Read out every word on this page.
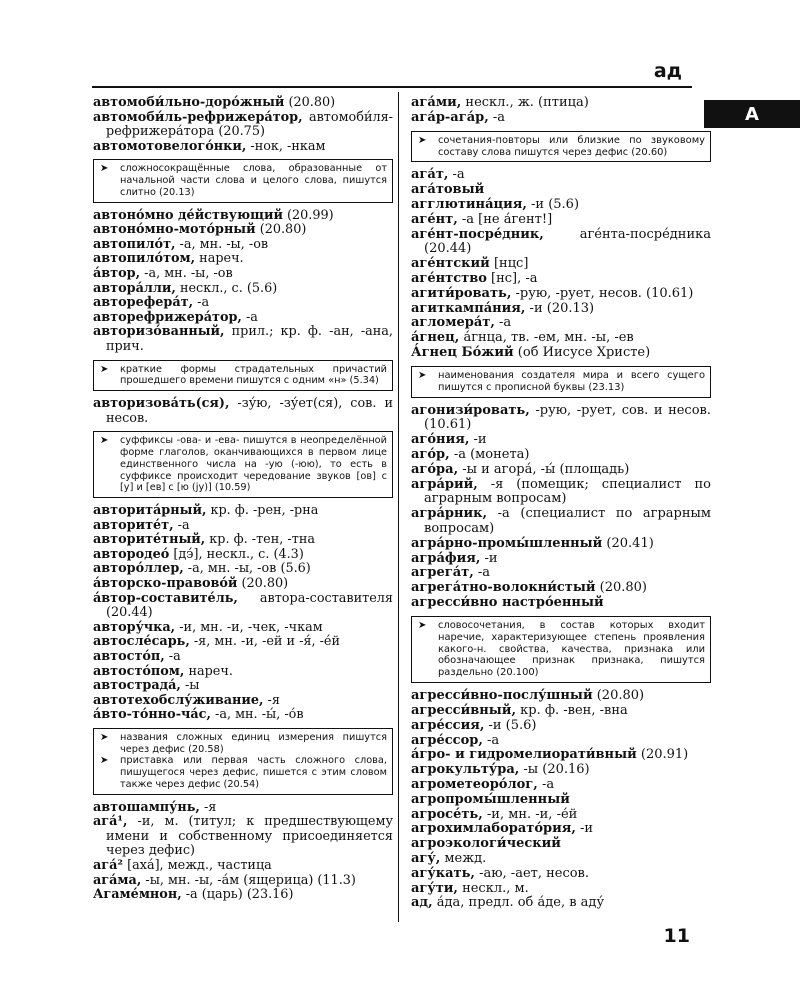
ад
А
автомоби́льно-доро́жный (20.80)
автомоби́ль-рефрижера́тор, автомоби́ля-рефрижера́тора (20.75)
автомотовелого́нки, -нок, -нкам
➤ сложносокращённые слова, образованные от начальной части слова и целого слова, пишутся слитно (20.13)
автоно́мно де́йствующий (20.99)
автоно́мно-мото́рный (20.80)
автопило́т, -а, мн. -ы, -ов
автопило́том, нареч.
а́втор, -а, мн. -ы, -ов
автора́лли, нескл., с. (5.6)
автоpeфepа́т, -а
авторефрижера́тор, -а
авторизо́ванный, прил.; кр. ф. -ан, -ана, прич.
➤ краткие формы страдательных причастий прошедшего времени пишутся с одним «н» (5.34)
авторизова́ть(ся), -зу́ю, -зу́ет(ся), сов. и несов.
➤ суффиксы -ова- и -ева- пишутся в неопределённой форме глаголов, оканчивающихся в первом лице единственного числа на -ую (-юю), то есть в суффиксе происходит чередование звуков [ов] с [у] и [ев] с [ю (jу)] (10.59)
авторита́рный, кр. ф. -рен, -рна
авторите́т, -а
авторите́тный, кр. ф. -тен, -тна
автородео́ [дэ́], нескл., с. (4.3)
автоpо́ллер, -а, мн. -ы, -ов (5.6)
а́вторско-правово́й (20.80)
а́втор-составите́ль, автора-составителя (20.44)
автору́чка, -и, мн. -и, -чек, -чкам
автосле́сарь, -я, мн. -и, -ей и -я́, -е́й
автосто́п, -а
автосто́пом, нареч.
автострада́, -ы
автотехобслу́живание, -я
а́вто-то́нно-ча́с, -а, мн. -ы́, -о́в
➤ названия сложных единиц измерения пишутся через дефис (20.58)
➤ приставка или первая часть сложного слова, пишущегося через дефис, пишется с этим словом также через дефис (20.54)
автошампу́нь, -я
ага́¹, -и, м. (титул; к предшествующему имени и собственному присоединяется через дефис)
ага́² [ахá], межд., частица
ага́ма, -ы, мн. -ы, -а́м (ящерица) (11.3)
Агаме́мнон, -а (царь) (23.16)
ага́ми, нескл., ж. (птица)
ага́р-ага́р, -а
➤ сочетания-повторы или близкие по звуковому составу слова пишутся через дефис (20.60)
ага́т, -а
ага́товый
агглютина́ция, -и (5.6)
аге́нт, -а [не а́гент!]
аге́нт-посре́дник, аге́нта-посре́дника (20.44)
аге́нтский [нцс]
аге́нтство [нс], -а
агити́ровать, -рую, -рует, несов. (10.61)
агиткампа́ния, -и (20.13)
агломера́т, -а
а́гнец, а́гнца, тв. -ем, мн. -ы, -ев
А́гнец Бо́жий (об Иисусе Христе)
➤ наименования создателя мира и всего сущего пишутся с прописной буквы (23.13)
агонизи́ровать, -рую, -рует, сов. и несов. (10.61)
аго́ния, -и
аго́р, -а (монета)
аго́ра, -ы и агора́, -ы́ (площадь)
агра́рий, -я (помещик; специалист по аграрным вопросам)
агра́рник, -а (специалист по аграрным вопросам)
агра́рно-промы́шленный (20.41)
агра́фия, -и
агрега́т, -а
агрега́тно-волокни́стый (20.80)
агресси́вно настро́енный
➤ словосочетания, в состав которых входит наречие, характеризующее степень проявления какого-н. свойства, качества, признака или обозначающее признак признака, пишутся раздельно (20.100)
агресси́вно-послу́шный (20.80)
агресси́вный, кр. ф. -вен, -вна
агре́ссия, -и (5.6)
агре́ссор, -а
а́гро- и гидромелиорати́вный (20.91)
агрокульту́ра, -ы (20.16)
агрометеоро́лог, -а
агропромы́шленный
агросе́ть, -и, мн. -и, -е́й
агрохимлаборато́рия, -и
агроэкологи́ческий
агу́, межд.
агу́кать, -аю, -ает, несов.
агу́ти, нескл., м.
ад, а́да, предл. об а́де, в аду́
11
